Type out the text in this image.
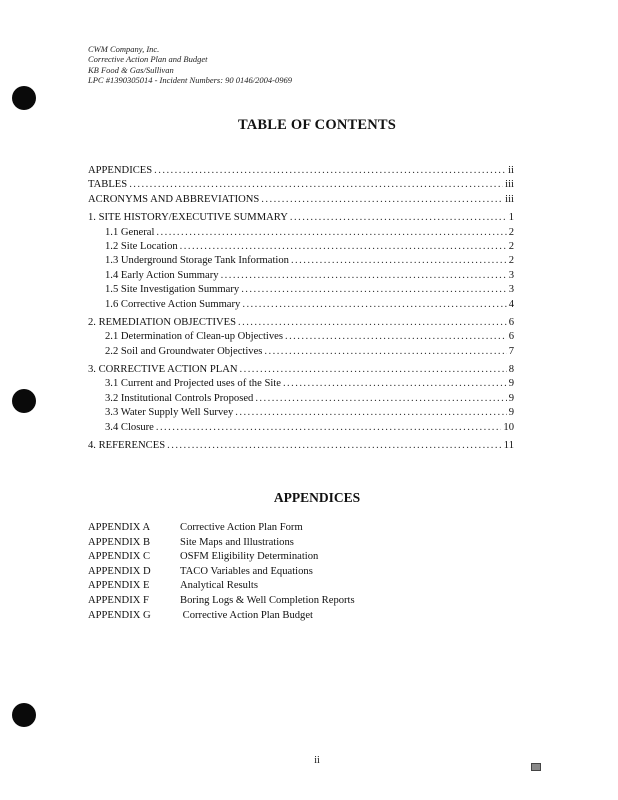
CWM Company, Inc.
Corrective Action Plan and Budget
KB Food & Gas/Sullivan
LPC #1390305014 - Incident Numbers: 90 0146/2004-0969
TABLE OF CONTENTS
APPENDICES . . .	ii
TABLES . . .	iii
ACRONYMS AND ABBREVIATIONS . . .	iii
1. SITE HISTORY/EXECUTIVE SUMMARY . . .	1
1.1 General . . .	2
1.2 Site Location . . .	2
1.3 Underground Storage Tank Information . . .	2
1.4 Early Action Summary . . .	3
1.5 Site Investigation Summary . . .	3
1.6 Corrective Action Summary . . .	4
2. REMEDIATION OBJECTIVES . . .	6
2.1 Determination of Clean-up Objectives . . .	6
2.2 Soil and Groundwater Objectives . . .	7
3. CORRECTIVE ACTION PLAN . . .	8
3.1 Current and Projected uses of the Site . . .	9
3.2 Institutional Controls Proposed . . .	9
3.3 Water Supply Well Survey . . .	9
3.4 Closure . . .	10
4. REFERENCES . . .	11
APPENDICES
APPENDIX A	Corrective Action Plan Form
APPENDIX B	Site Maps and Illustrations
APPENDIX C	OSFM Eligibility Determination
APPENDIX D	TACO Variables and Equations
APPENDIX E	Analytical Results
APPENDIX F	Boring Logs & Well Completion Reports
APPENDIX G	Corrective Action Plan Budget
ii
